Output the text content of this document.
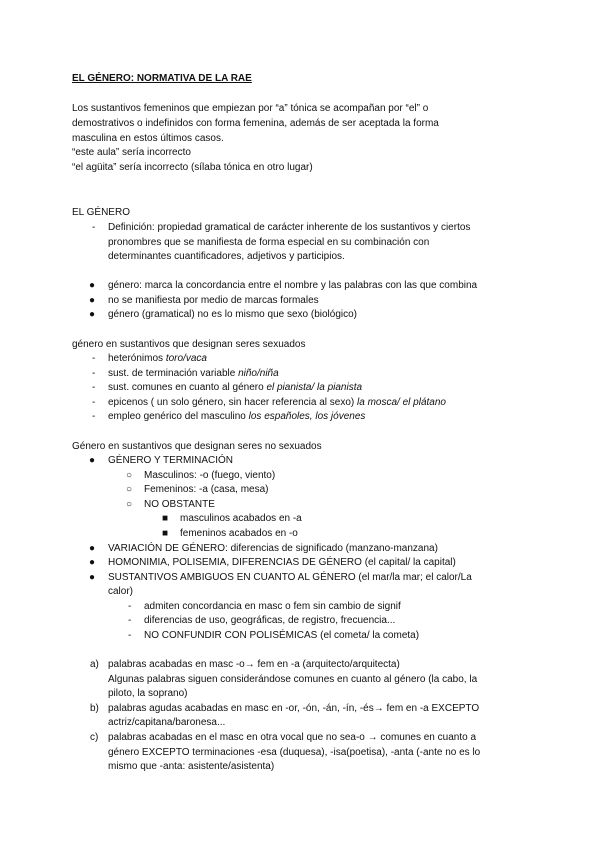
EL GÉNERO: NORMATIVA DE LA RAE
Los sustantivos femeninos que empiezan por “a” tónica se acompañan por “el” o
demostrativos o indefinidos con forma femenina, además de ser aceptada la forma
masculina en estos últimos casos.
“este aula” sería incorrecto
“el agüita” sería incorrecto (sílaba tónica en otro lugar)
EL GÉNERO
- Definición: propiedad gramatical de carácter inherente de los sustantivos y ciertos
pronombres que se manifiesta de forma especial en su combinación con
determinantes cuantificadores, adjetivos y participios.
● género: marca la concordancia entre el nombre y las palabras con las que combina
● no se manifiesta por medio de marcas formales
● género (gramatical) no es lo mismo que sexo (biológico)
género en sustantivos que designan seres sexuados
- heterónimos toro/vaca
- sust. de terminación variable niño/niña
- sust. comunes en cuanto al género el pianista/ la pianista
- epicenos ( un solo género, sin hacer referencia al sexo) la mosca/ el plátano
- empleo genérico del masculino los españoles, los jóvenes
Género en sustantivos que designan seres no sexuados
● GÉNERO Y TERMINACIÓN
○ Masculinos: -o (fuego, viento)
○ Femeninos: -a (casa, mesa)
○ NO OBSTANTE
■ masculinos acabados en -a
■ femeninos acabados en -o
● VARIACIÓN DE GÉNERO: diferencias de significado (manzano-manzana)
● HOMONIMIA, POLISEMIA, DIFERENCIAS DE GÉNERO (el capital/ la capital)
● SUSTANTIVOS AMBIGUOS EN CUANTO AL GÉNERO (el mar/la mar; el calor/La
calor)
- admiten concordancia en masc o fem sin cambio de signif
- diferencias de uso, geográficas, de registro, frecuencia...
- NO CONFUNDIR CON POLISÉMICAS (el cometa/ la cometa)
a) palabras acabadas en masc -o→ fem en -a (arquitecto/arquitecta)
Algunas palabras siguen considerándose comunes en cuanto al género (la cabo, la
piloto, la soprano)
b) palabras agudas acabadas en masc en -or, -ón, -án, -ín, -és→ fem en -a EXCEPTO
actriz/capitana/baronesa...
c) palabras acabadas en el masc en otra vocal que no sea-o → comunes en cuanto a
género EXCEPTO terminaciones -esa (duquesa), -isa(poetisa), -anta (-ante no es lo
mismo que -anta: asistente/asistenta)
